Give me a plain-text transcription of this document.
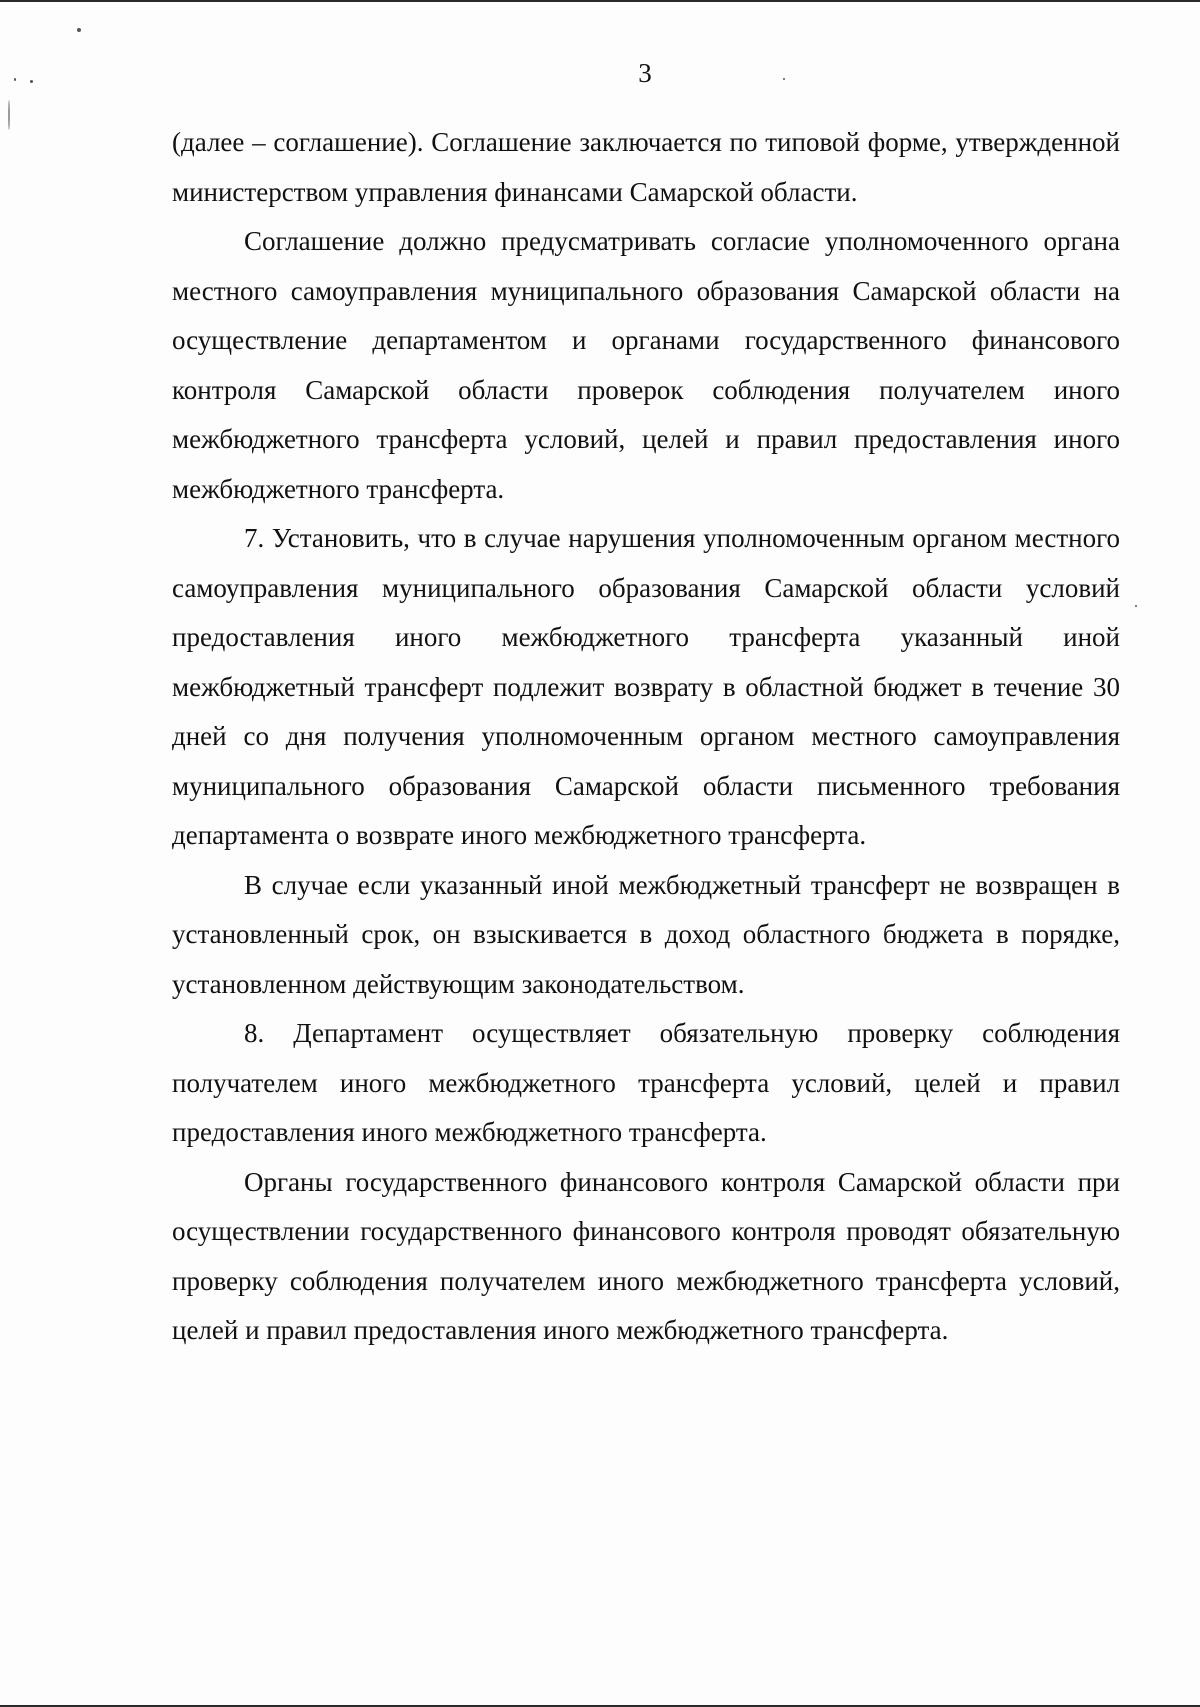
3

(далее – соглашение). Соглашение заключается по типовой форме, утвержденной министерством управления финансами Самарской области.

Соглашение должно предусматривать согласие уполномоченного органа местного самоуправления муниципального образования Самарской области на осуществление департаментом и органами государственного финансового контроля Самарской области проверок соблюдения получателем иного межбюджетного трансферта условий, целей и правил предоставления иного межбюджетного трансферта.

7. Установить, что в случае нарушения уполномоченным органом местного самоуправления муниципального образования Самарской области условий предоставления иного межбюджетного трансферта указанный иной межбюджетный трансферт подлежит возврату в областной бюджет в течение 30 дней со дня получения уполномоченным органом местного самоуправления муниципального образования Самарской области письменного требования департамента о возврате иного межбюджетного трансферта.

В случае если указанный иной межбюджетный трансферт не возвращен в установленный срок, он взыскивается в доход областного бюджета в порядке, установленном действующим законодательством.

8. Департамент осуществляет обязательную проверку соблюдения получателем иного межбюджетного трансферта условий, целей и правил предоставления иного межбюджетного трансферта.

Органы государственного финансового контроля Самарской области при осуществлении государственного финансового контроля проводят обязательную проверку соблюдения получателем иного межбюджетного трансферта условий, целей и правил предоставления иного межбюджетного трансферта.
